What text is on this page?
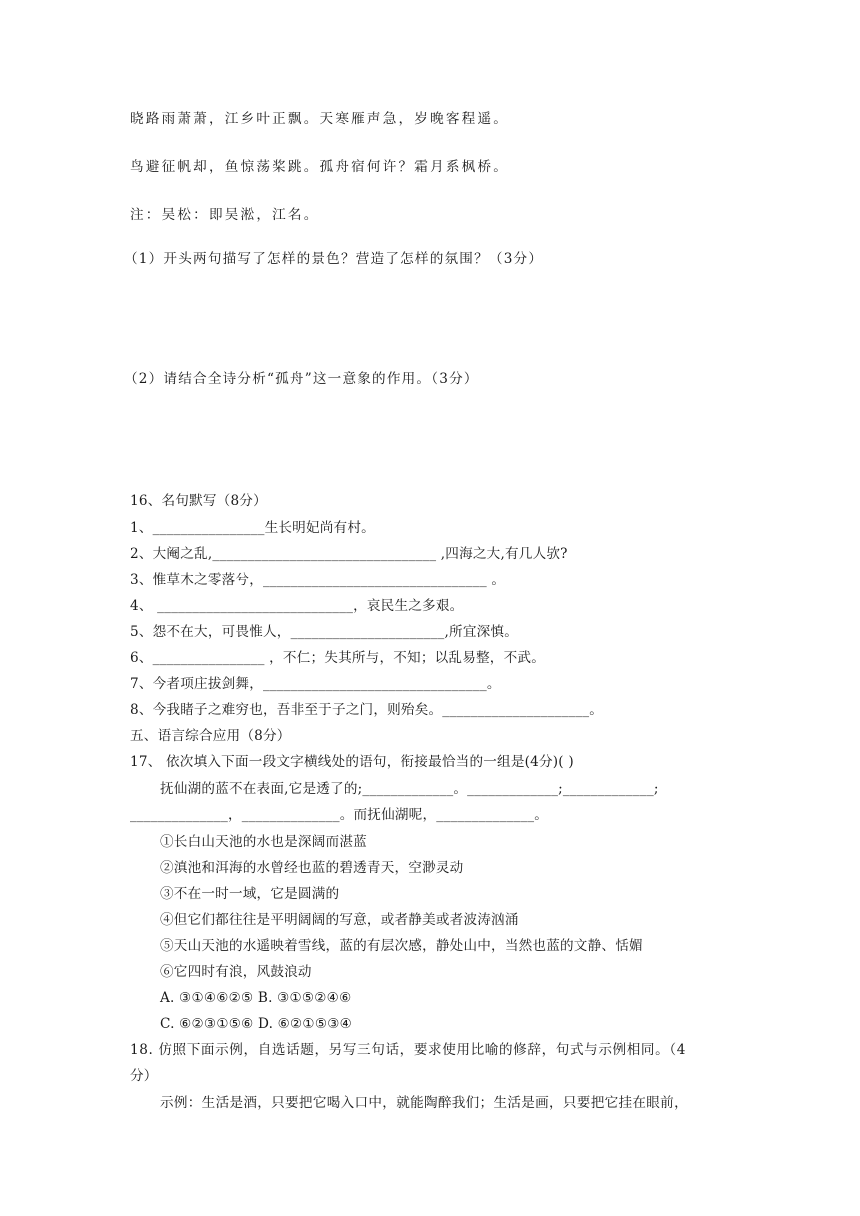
晓路雨萧萧，江乡叶正飘。天寒雁声急，岁晚客程遥。
鸟避征帆却，鱼惊荡桨跳。孤舟宿何许？霜月系枫桥。
注：吴松：即吴淞，江名。
（1）开头两句描写了怎样的景色？营造了怎样的氛围？（3分）
（2）请结合全诗分析“孤舟”这一意象的作用。（3分）
16、名句默写（8分）
1、________________生长明妃尚有村。
2、大阉之乱,________________________________ ,四海之大,有几人欤?
3、惟草木之零落兮，________________________________ 。
4、 ____________________________，哀民生之多艰。
5、怨不在大，可畏惟人，______________________,所宜深慎。
6、________________ ，不仁；失其所与，不知；以乱易整，不武。
7、今者项庄拔剑舞，________________________________。
8、今我睹子之难穷也，吾非至于子之门，则殆矣。_____________________。
五、语言综合应用（8分）
17、 依次填入下面一段文字横线处的语句，衔接最恰当的一组是(4分)( )
抚仙湖的蓝不在表面,它是透了的;_____________。_____________;_____________;
______________，______________。而抚仙湖呢，______________。
①长白山天池的水也是深阔而湛蓝
②滇池和洱海的水曾经也蓝的碧透青天，空渺灵动
③不在一时一域，它是圆满的
④但它们都往往是平明阔阔的写意，或者静美或者波涛汹涌
⑤天山天池的水遥映着雪线，蓝的有层次感，静处山中，当然也蓝的文静、恬媚
⑥它四时有浪，风鼓浪动
A. ③①④⑥②⑤ B. ③①⑤②④⑥
C. ⑥②③①⑤⑥ D. ⑥②①⑤③④
18. 仿照下面示例，自选话题，另写三句话，要求使用比喻的修辞，句式与示例相同。（4
分）
示例：生活是酒，只要把它喝入口中，就能陶醉我们；生活是画，只要把它挂在眼前，
